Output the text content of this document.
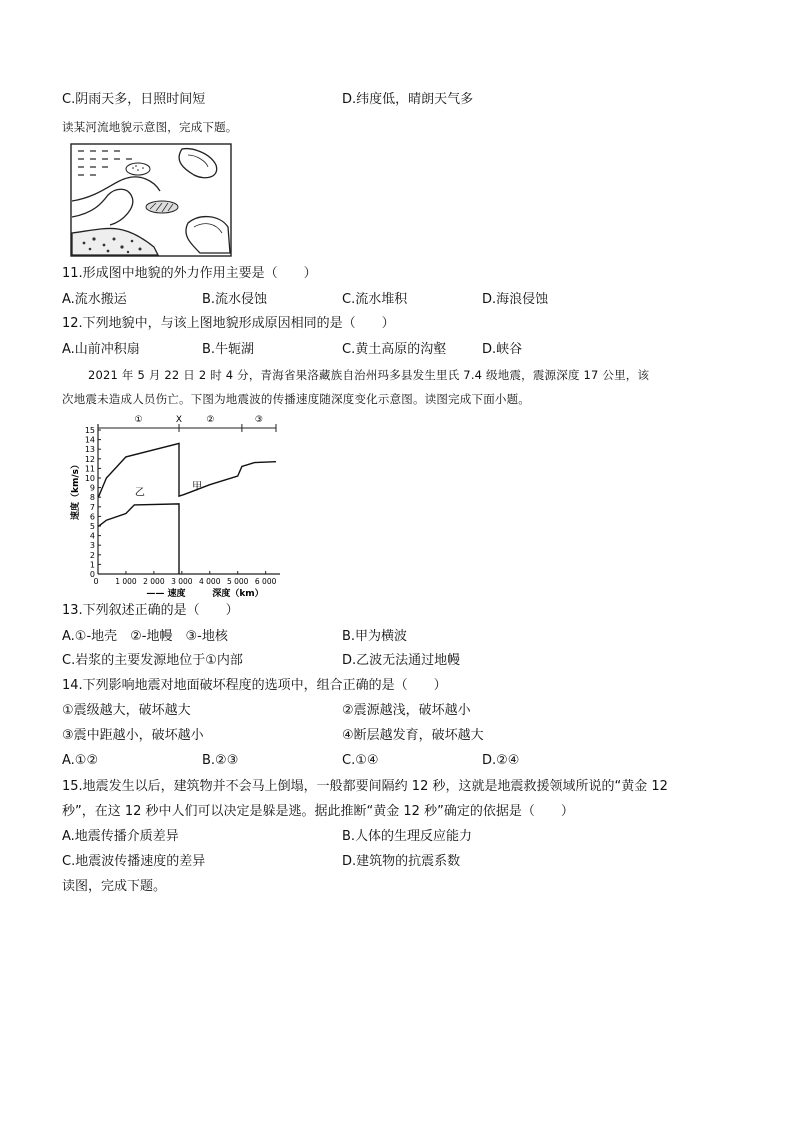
C.阴雨天多，日照时间短	D.纬度低，晴朗天气多
读某河流地貌示意图，完成下题。
11.形成图中地貌的外力作用主要是（　　）
A.流水搬运	B.流水侵蚀	C.流水堆积	D.海浪侵蚀
12.下列地貌中，与该上图地貌形成原因相同的是（　　）
A.山前冲积扇	B.牛轭湖	C.黄土高原的沟壑	D.峡谷
2021 年 5 月 22 日 2 时 4 分，青海省果洛藏族自治州玛多县发生里氏 7.4 级地震，震源深度 17 公里，该
次地震未造成人员伤亡。下图为地震波的传播速度随深度变化示意图。读图完成下面小题。
速度（km/s）
0
1
2
3
4
5
6
7
8
9
10
11
12
13
14
15
0 1 000 2 000 3 000 4 000 5 000 6 000
①	X	②	③
甲
乙
—— 速度	深度（km）
13.下列叙述正确的是（　　）
A.①-地壳　②-地幔　③-地核	B.甲为横波
C.岩浆的主要发源地位于①内部	D.乙波无法通过地幔
14.下列影响地震对地面破坏程度的选项中，组合正确的是（　　）
①震级越大，破坏越大	②震源越浅，破坏越小
③震中距越小，破坏越小	④断层越发育，破坏越大
A.①②	B.②③	C.①④	D.②④
15.地震发生以后，建筑物并不会马上倒塌，一般都要间隔约 12 秒，这就是地震救援领域所说的“黄金 12
秒”，在这 12 秒中人们可以决定是躲是逃。据此推断“黄金 12 秒”确定的依据是（　　）
A.地震传播介质差异	B.人体的生理反应能力
C.地震波传播速度的差异	D.建筑物的抗震系数
读图，完成下题。
